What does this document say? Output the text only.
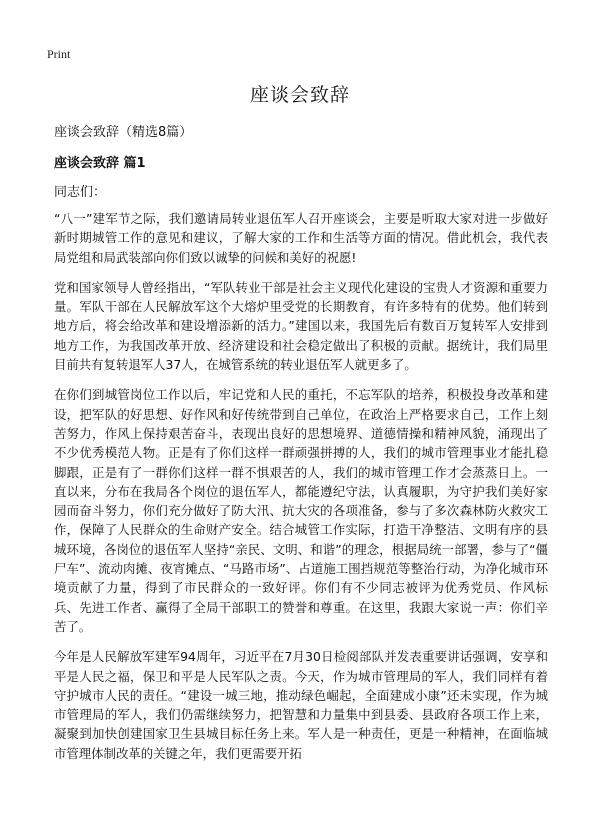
Print
座谈会致辞
座谈会致辞（精选8篇）
座谈会致辞 篇1
同志们：

“八一”建军节之际，我们邀请局转业退伍军人召开座谈会，主要是听取大家对进一步做好新时期城管工作的意见和建议，了解大家的工作和生活等方面的情况。借此机会，我代表局党组和局武装部向你们致以诚挚的问候和美好的祝愿!

党和国家领导人曾经指出，“军队转业干部是社会主义现代化建设的宝贵人才资源和重要力量。军队干部在人民解放军这个大熔炉里受党的长期教育，有许多特有的优势。他们转到地方后，将会给改革和建设增添新的活力。”建国以来，我国先后有数百万复转军人安排到地方工作，为我国改革开放、经济建设和社会稳定做出了积极的贡献。据统计，我们局里目前共有复转退军人37人，在城管系统的转业退伍军人就更多了。

在你们到城管岗位工作以后，牢记党和人民的重托，不忘军队的培养，积极投身改革和建设，把军队的好思想、好作风和好传统带到自己单位，在政治上严格要求自己，工作上刻苦努力，作风上保持艰苦奋斗，表现出良好的思想境界、道德情操和精神风貌，涌现出了不少优秀模范人物。正是有了你们这样一群顽强拼搏的人，我们的城市管理事业才能扎稳脚跟，正是有了一群你们这样一群不惧艰苦的人，我们的城市管理工作才会蒸蒸日上。一直以来，分布在我局各个岗位的退伍军人，都能遵纪守法，认真履职，为守护我们美好家园而奋斗努力，你们充分做好了防大汛、抗大灾的各项准备，参与了多次森林防火救灾工作，保障了人民群众的生命财产安全。结合城管工作实际，打造干净整洁、文明有序的县城环境，各岗位的退伍军人坚持“亲民、文明、和谐”的理念，根据局统一部署，参与了“僵尸车”、流动肉摊、夜宵摊点、“马路市场”、占道施工围挡规范等整治行动，为净化城市环境贡献了力量，得到了市民群众的一致好评。你们有不少同志被评为优秀党员、作风标兵、先进工作者、赢得了全局干部职工的赞誉和尊重。在这里，我跟大家说一声：你们辛苦了。

今年是人民解放军建军94周年，习近平在7月30日检阅部队并发表重要讲话强调，安享和平是人民之福，保卫和平是人民军队之责。今天，作为城市管理局的军人，我们同样有着守护城市人民的责任。“建设一城三地，推动绿色崛起，全面建成小康”还未实现，作为城市管理局的军人，我们仍需继续努力，把智慧和力量集中到县委、县政府各项工作上来，凝聚到加快创建国家卫生县城目标任务上来。军人是一种责任，更是一种精神，在面临城市管理体制改革的关键之年，我们更需要开拓
